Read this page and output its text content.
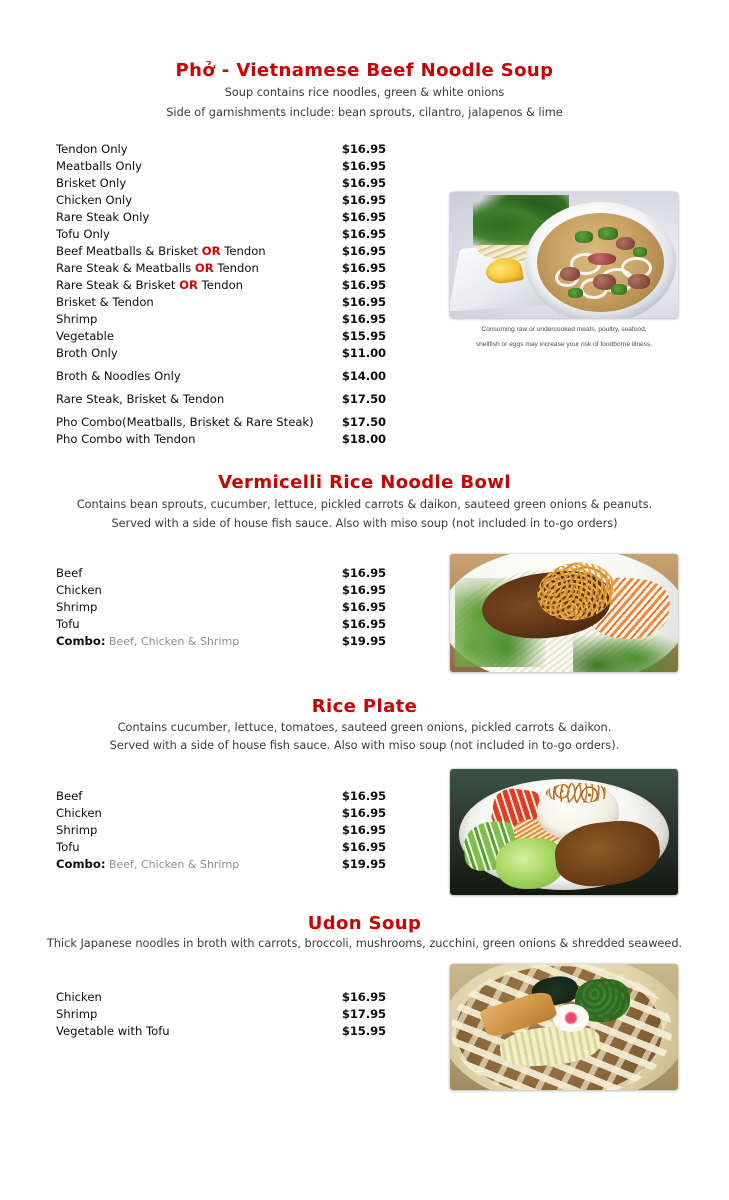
Phở - Vietnamese Beef Noodle Soup
Soup contains rice noodles, green & white onions
Side of garnishments include: bean sprouts, cilantro, jalapenos & lime
Tendon Only	$16.95
Meatballs Only	$16.95
Brisket Only	$16.95
Chicken Only	$16.95
Rare Steak Only	$16.95
Tofu Only	$16.95
Beef Meatballs & Brisket OR Tendon	$16.95
Rare Steak & Meatballs OR Tendon	$16.95
Rare Steak & Brisket OR Tendon	$16.95
Brisket & Tendon	$16.95
Shrimp	$16.95
Vegetable	$15.95
Broth Only	$11.00
Broth & Noodles Only	$14.00
Rare Steak, Brisket & Tendon	$17.50
Pho Combo(Meatballs, Brisket & Rare Steak)	$17.50
Pho Combo with Tendon	$18.00
Consuming raw or undercooked meats, poultry, seafood,
shellfish or eggs may increase your risk of foodborne illness.
Vermicelli Rice Noodle Bowl
Contains bean sprouts, cucumber, lettuce, pickled carrots & daikon, sauteed green onions & peanuts.
Served with a side of house fish sauce. Also with miso soup (not included in to-go orders)
Beef	$16.95
Chicken	$16.95
Shrimp	$16.95
Tofu	$16.95
Combo: Beef, Chicken & Shrimp	$19.95
Rice Plate
Contains cucumber, lettuce, tomatoes, sauteed green onions, pickled carrots & daikon.
Served with a side of house fish sauce. Also with miso soup (not included in to-go orders).
Beef	$16.95
Chicken	$16.95
Shrimp	$16.95
Tofu	$16.95
Combo: Beef, Chicken & Shrimp	$19.95
Udon Soup
Thick Japanese noodles in broth with carrots, broccoli, mushrooms, zucchini, green onions & shredded seaweed.
Chicken	$16.95
Shrimp	$17.95
Vegetable with Tofu	$15.95
